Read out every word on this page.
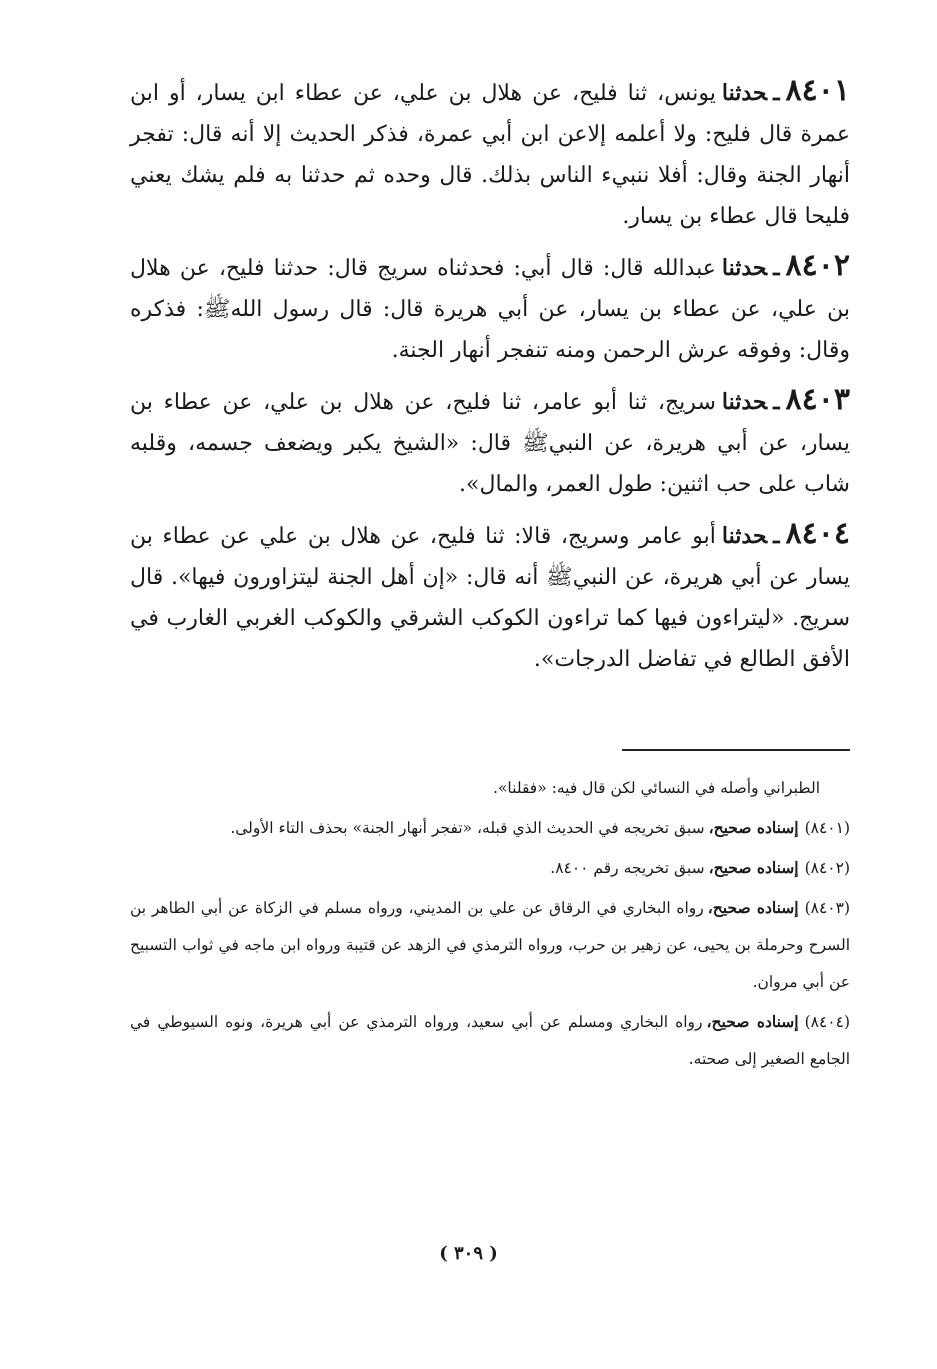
٨٤٠١ـحدثنايونس، ثنا فليح، عن هلال بن علي، عن عطاء ابن يسار، أو ابن عمرة قال فليح: ولا أعلمه إلاعن ابن أبي عمرة، فذكر الحديث إلا أنه قال: تفجر أنهار الجنة وقال: أفلا ننبيء الناس بذلك. قال وحده ثم حدثنا به فلم يشك يعني فليحا قال عطاء بن يسار.

٨٤٠٢ـحدثناعبدالله قال: قال أبي: فحدثناه سريج قال: حدثنا فليح، عن هلال بن علي، عن عطاء بن يسار، عن أبي هريرة قال: قال رسول اللهﷺ: فذكره وقال: وفوقه عرش الرحمن ومنه تنفجر أنهار الجنة.

٨٤٠٣ـحدثناسريج، ثنا أبو عامر، ثنا فليح، عن هلال بن علي، عن عطاء بن يسار، عن أبي هريرة، عن النبيﷺ قال: «الشيخ يكبر ويضعف جسمه، وقلبه شاب على حب اثنين: طول العمر، والمال».

٨٤٠٤ـحدثناأبو عامر وسريج، قالا: ثنا فليح، عن هلال بن علي عن عطاء بن يسار عن أبي هريرة، عن النبيﷺ أنه قال: «إن أهل الجنة ليتزاورون فيها». قال سريج. «ليتراءون فيها كما تراءون الكوكب الشرقي والكوكب الغربي الغارب في الأفق الطالع في تفاضل الدرجات».

الطبراني وأصله في النسائي لكن قال فيه: «فقلنا».

(٨٤٠١)إسناده صحيح،سبق تخريجه في الحديث الذي قبله، «تفجر أنهار الجنة» بحذف التاء الأولى.

(٨٤٠٢)إسناده صحيح،سبق تخريجه رقم ٨٤٠٠.

(٨٤٠٣)إسناده صحيح،رواه البخاري في الرقاق عن علي بن المديني، ورواه مسلم في الزكاة عن أبي الطاهر بن السرح وحرملة بن يحيى، عن زهير بن حرب، ورواه الترمذي في الزهد عن قتيبة ورواه ابن ماجه في ثواب التسبيح عن أبي مروان.

(٨٤٠٤)إسناده صحيح،رواه البخاري ومسلم عن أبي سعيد، ورواه الترمذي عن أبي هريرة، ونوه السيوطي في الجامع الصغير إلى صحته.

( ٣٠٩ )
